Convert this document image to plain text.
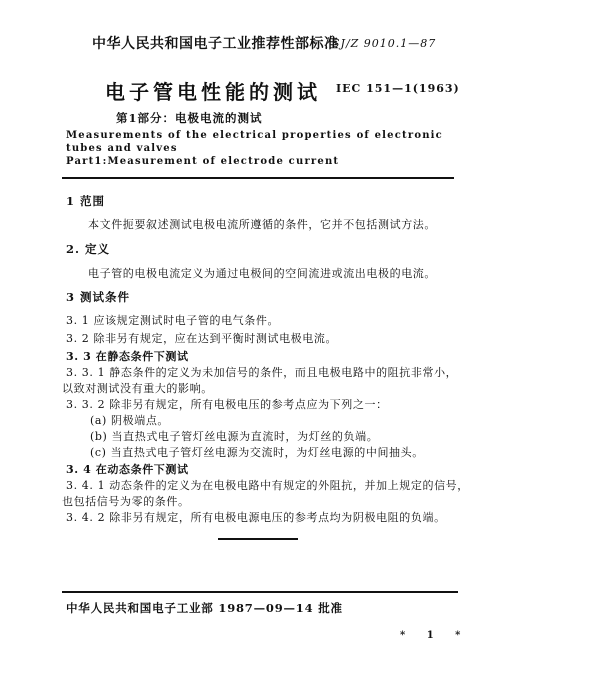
中华人民共和国电子工业推荐性部标准
SJ/Z 9010.1—87
电子管电性能的测试 IEC 151—1(1963)
第1部分：电极电流的测试
Measurements of the electrical properties of electronic
tubes and valves
Part1:Measurement of electrode current
1 范围
本文件扼要叙述测试电极电流所遵循的条件，它并不包括测试方法。
2. 定义
电子管的电极电流定义为通过电极间的空间流进或流出电极的电流。
3 测试条件
3. 1 应该规定测试时电子管的电气条件。
3. 2 除非另有规定，应在达到平衡时测试电极电流。
3. 3 在静态条件下测试
3. 3. 1 静态条件的定义为未加信号的条件，而且电极电路中的阻抗非常小，
以致对测试没有重大的影响。
3. 3. 2 除非另有规定，所有电极电压的参考点应为下列之一：
(a) 阴极端点。
(b) 当直热式电子管灯丝电源为直流时，为灯丝的负端。
(c) 当直热式电子管灯丝电源为交流时，为灯丝电源的中间抽头。
3. 4 在动态条件下测试
3. 4. 1 动态条件的定义为在电极电路中有规定的外阻抗，并加上规定的信号，
也包括信号为零的条件。
3. 4. 2 除非另有规定，所有电极电源电压的参考点均为阴极电阻的负端。
中华人民共和国电子工业部 1987—09—14 批准
* 1 *
